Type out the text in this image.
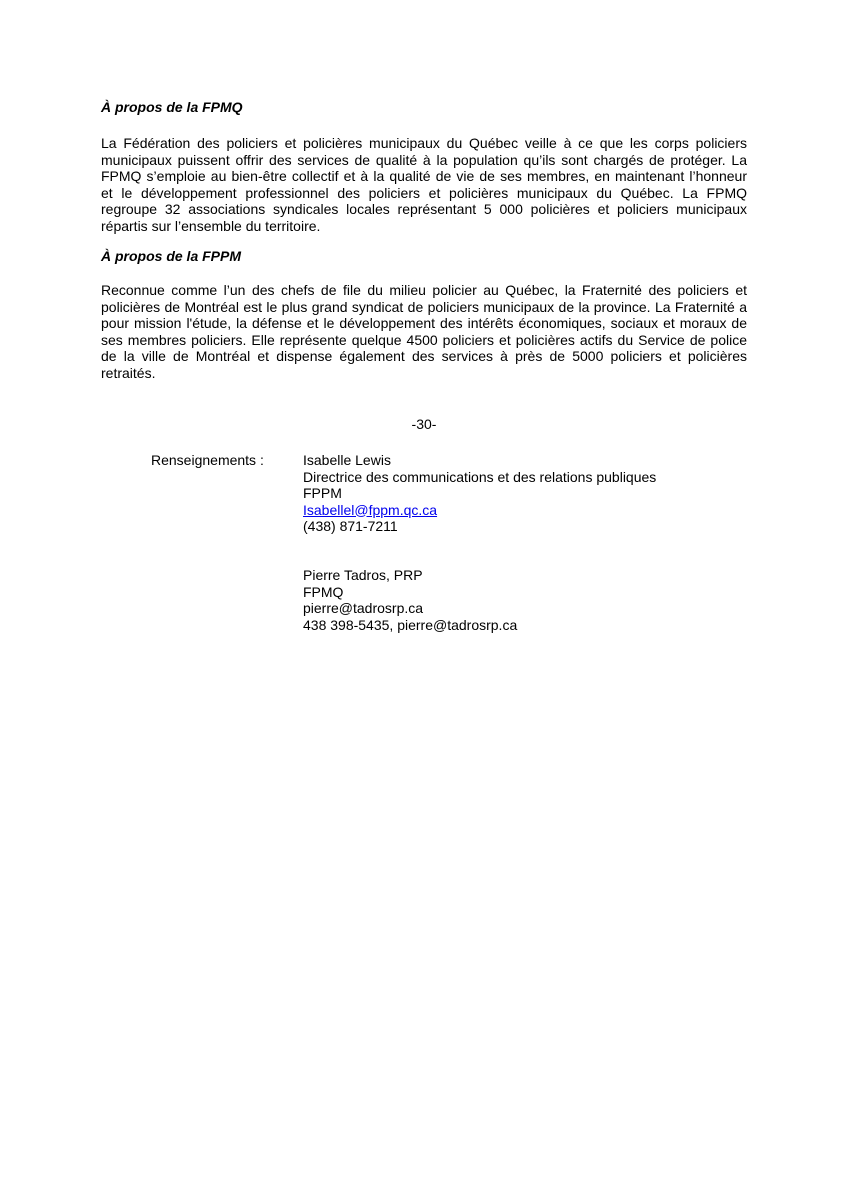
À propos de la FPMQ
La Fédération des policiers et policières municipaux du Québec veille à ce que les corps policiers
municipaux puissent offrir des services de qualité à la population qu’ils sont chargés de protéger. La
FPMQ s’emploie au bien-être collectif et à la qualité de vie de ses membres, en maintenant l’honneur
et le développement professionnel des policiers et policières municipaux du Québec. La FPMQ
regroupe 32 associations syndicales locales représentant 5 000 policières et policiers municipaux
répartis sur l’ensemble du territoire.
À propos de la FPPM
Reconnue comme l’un des chefs de file du milieu policier au Québec, la Fraternité des policiers et
policières de Montréal est le plus grand syndicat de policiers municipaux de la province. La Fraternité a
pour mission l'étude, la défense et le développement des intérêts économiques, sociaux et moraux de
ses membres policiers. Elle représente quelque 4500 policiers et policières actifs du Service de police
de la ville de Montréal et dispense également des services à près de 5000 policiers et policières
retraités.
-30-
Renseignements :	Isabelle Lewis
Directrice des communications et des relations publiques
FPPM
Isabellel@fppm.qc.ca
(438) 871-7211
Pierre Tadros, PRP
FPMQ
pierre@tadrosrp.ca
438 398-5435, pierre@tadrosrp.ca
